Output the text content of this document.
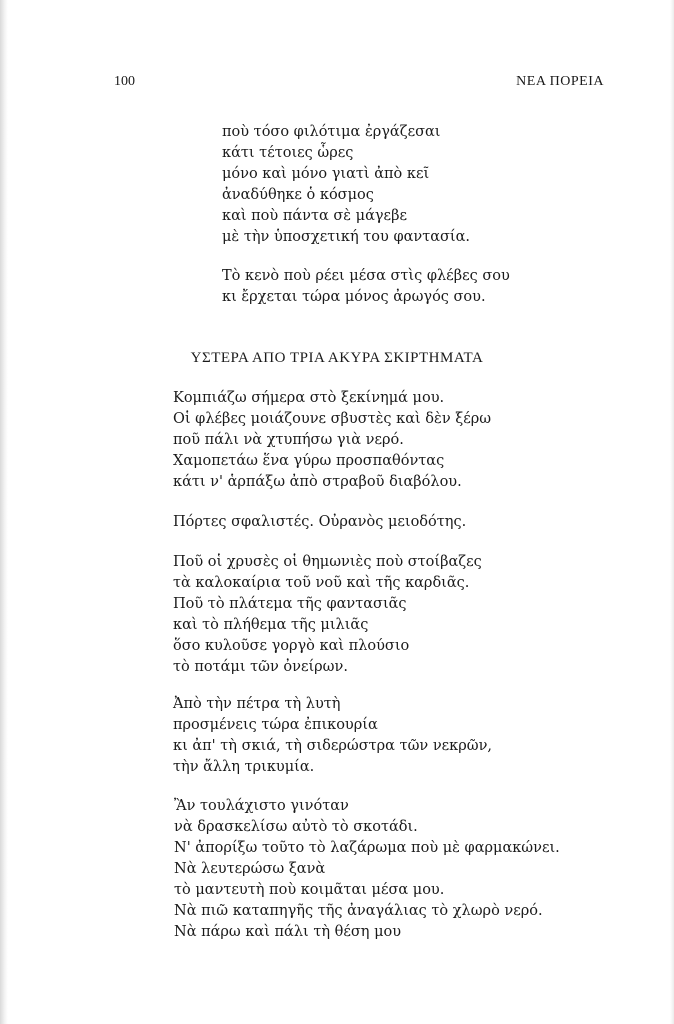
100	ΝΕΑ ΠΟΡΕΙΑ
ποὺ τόσο φιλότιμα ἐργάζεσαι
κάτι τέτοιες ὧρες
μόνο καὶ μόνο γιατὶ ἀπὸ κεῖ
ἀναδύθηκε ὁ κόσμος
καὶ ποὺ πάντα σὲ μάγεβε
μὲ τὴν ὑποσχετική του φαντασία.
Τὸ κενὸ ποὺ ρέει μέσα στὶς φλέβες σου
κι ἔρχεται τώρα μόνος ἀρωγός σου.
ΥΣΤΕΡΑ ΑΠΟ ΤΡΙΑ ΑΚΥΡΑ ΣΚΙΡΤΗΜΑΤΑ
Κομπιάζω σήμερα στὸ ξεκίνημά μου.
Οἱ φλέβες μοιάζουνε σβυστὲς καὶ δὲν ξέρω
ποῦ πάλι νὰ χτυπήσω γιὰ νερό.
Χαμοπετάω ἕνα γύρω προσπαθόντας
κάτι ν' ἁρπάξω ἀπὸ στραβοῦ διαβόλου.
Πόρτες σφαλιστές. Οὐρανὸς μειοδότης.
Ποῦ οἱ χρυσὲς οἱ θημωνιὲς ποὺ στοίβαζες
τὰ καλοκαίρια τοῦ νοῦ καὶ τῆς καρδιᾶς.
Ποῦ τὸ πλάτεμα τῆς φαντασιᾶς
καὶ τὸ πλήθεμα τῆς μιλιᾶς
ὅσο κυλοῦσε γοργὸ καὶ πλούσιο
τὸ ποτάμι τῶν ὀνείρων.
Ἀπὸ τὴν πέτρα τὴ λυτὴ
προσμένεις τώρα ἐπικουρία
κι ἀπ' τὴ σκιά, τὴ σιδερώστρα τῶν νεκρῶν,
τὴν ἄλλη τρικυμία.
Ἂν τουλάχιστο γινόταν
νὰ δρασκελίσω αὐτὸ τὸ σκοτάδι.
Ν' ἀπορίξω τοῦτο τὸ λαζάρωμα ποὺ μὲ φαρμακώνει.
Νὰ λευτερώσω ξανὰ
τὸ μαντευτὴ ποὺ κοιμᾶται μέσα μου.
Νὰ πιῶ καταπηγῆς τῆς ἀναγάλιας τὸ χλωρὸ νερό.
Νὰ πάρω καὶ πάλι τὴ θέση μου
